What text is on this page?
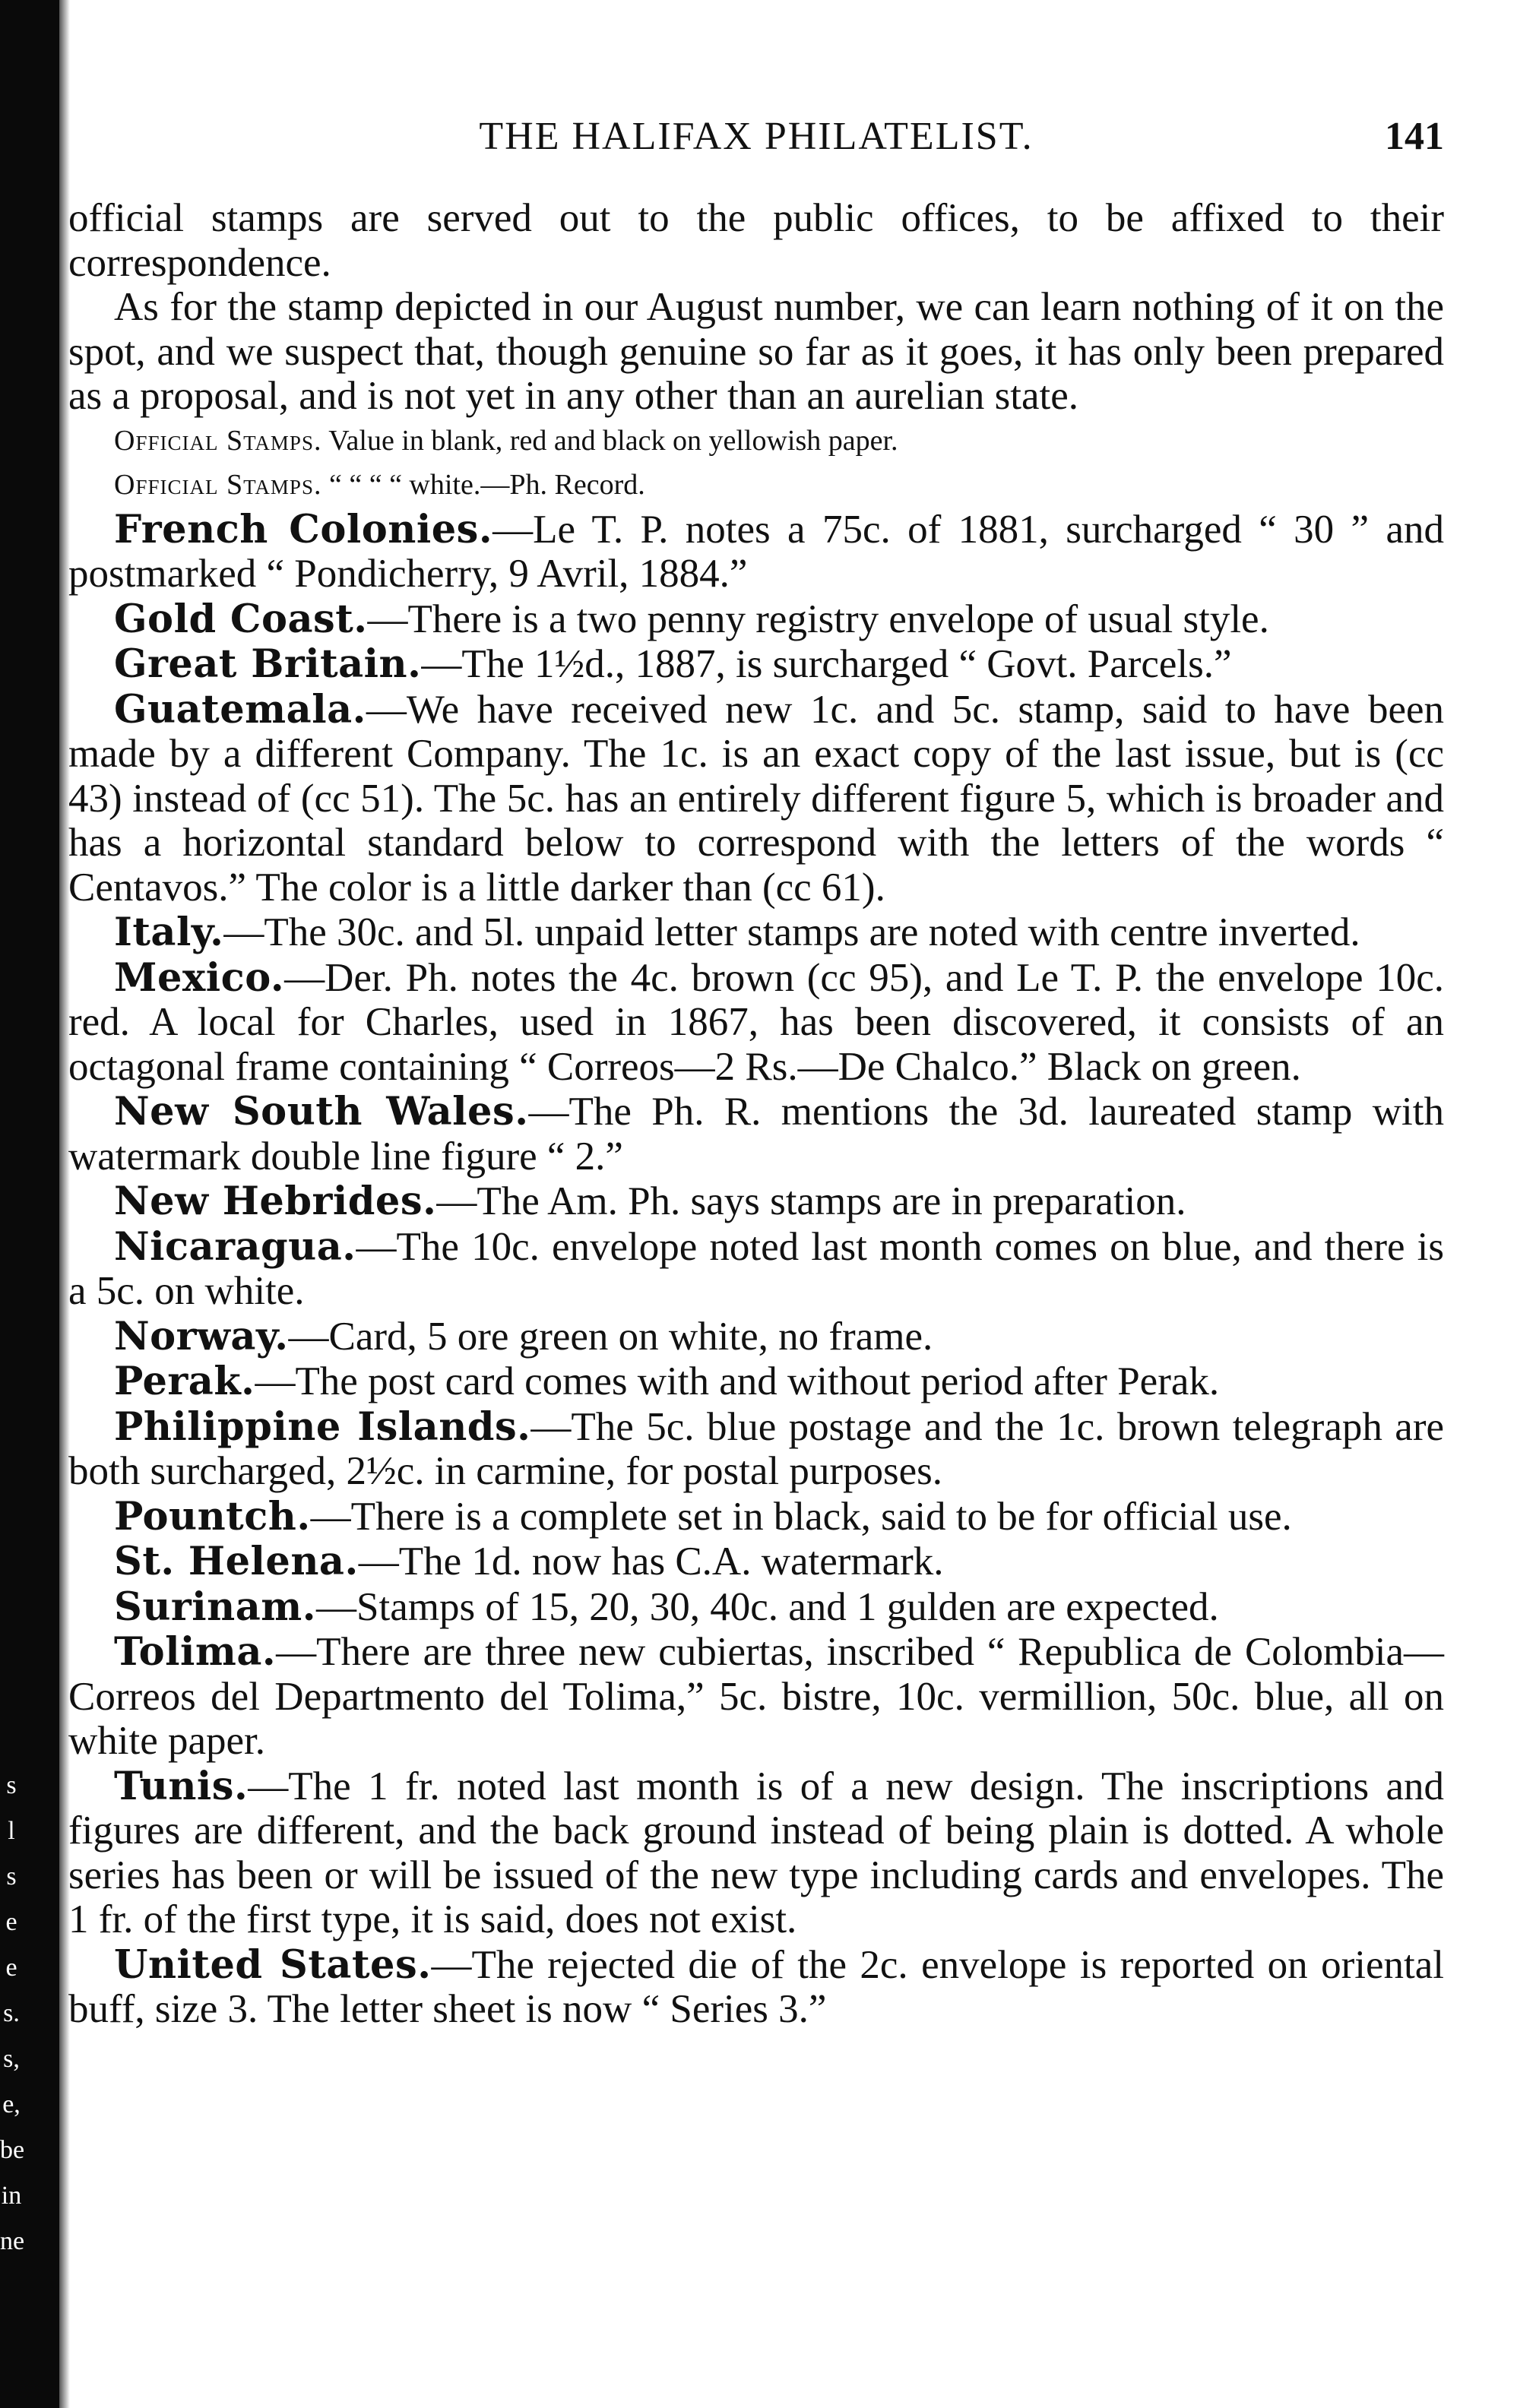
s
l
s
e
e
s.
s,
e,
be
in
ne
THE HALIFAX PHILATELIST.	141

official stamps are served out to the public offices, to be affixed to their correspondence.

As for the stamp depicted in our August number, we can learn nothing of it on the spot, and we suspect that, though genuine so far as it goes, it has only been prepared as a proposal, and is not yet in any other than an aurelian state.

Official Stamps. Value in blank, red and black on yellowish paper.

Official Stamps. “ “ “ “ white.—Ph. Record.

French Colonies.—Le T. P. notes a 75c. of 1881, surcharged “ 30 ” and postmarked “ Pondicherry, 9 Avril, 1884.”

Gold Coast.—There is a two penny registry envelope of usual style.

Great Britain.—The 1½d., 1887, is surcharged “ Govt. Parcels.”

Guatemala.—We have received new 1c. and 5c. stamp, said to have been made by a different Company. The 1c. is an exact copy of the last issue, but is (cc 43) instead of (cc 51). The 5c. has an entirely different figure 5, which is broader and has a horizontal standard below to correspond with the letters of the words “ Centavos.” The color is a little darker than (cc 61).

Italy.—The 30c. and 5l. unpaid letter stamps are noted with centre inverted.

Mexico.—Der. Ph. notes the 4c. brown (cc 95), and Le T. P. the envelope 10c. red. A local for Charles, used in 1867, has been discovered, it consists of an octagonal frame containing “ Correos—2 Rs.—De Chalco.” Black on green.

New South Wales.—The Ph. R. mentions the 3d. laureated stamp with watermark double line figure “ 2.”

New Hebrides.—The Am. Ph. says stamps are in preparation.

Nicaragua.—The 10c. envelope noted last month comes on blue, and there is a 5c. on white.

Norway.—Card, 5 ore green on white, no frame.

Perak.—The post card comes with and without period after Perak.

Philippine Islands.—The 5c. blue postage and the 1c. brown telegraph are both surcharged, 2½c. in carmine, for postal purposes.

Pountch.—There is a complete set in black, said to be for official use.

St. Helena.—The 1d. now has C.A. watermark.

Surinam.—Stamps of 15, 20, 30, 40c. and 1 gulden are expected.

Tolima.—There are three new cubiertas, inscribed “ Republica de Colombia—Correos del Departmento del Tolima,” 5c. bistre, 10c. vermillion, 50c. blue, all on white paper.

Tunis.—The 1 fr. noted last month is of a new design. The inscriptions and figures are different, and the back ground instead of being plain is dotted. A whole series has been or will be issued of the new type including cards and envelopes. The 1 fr. of the first type, it is said, does not exist.

United States.—The rejected die of the 2c. envelope is reported on oriental buff, size 3. The letter sheet is now “ Series 3.”
